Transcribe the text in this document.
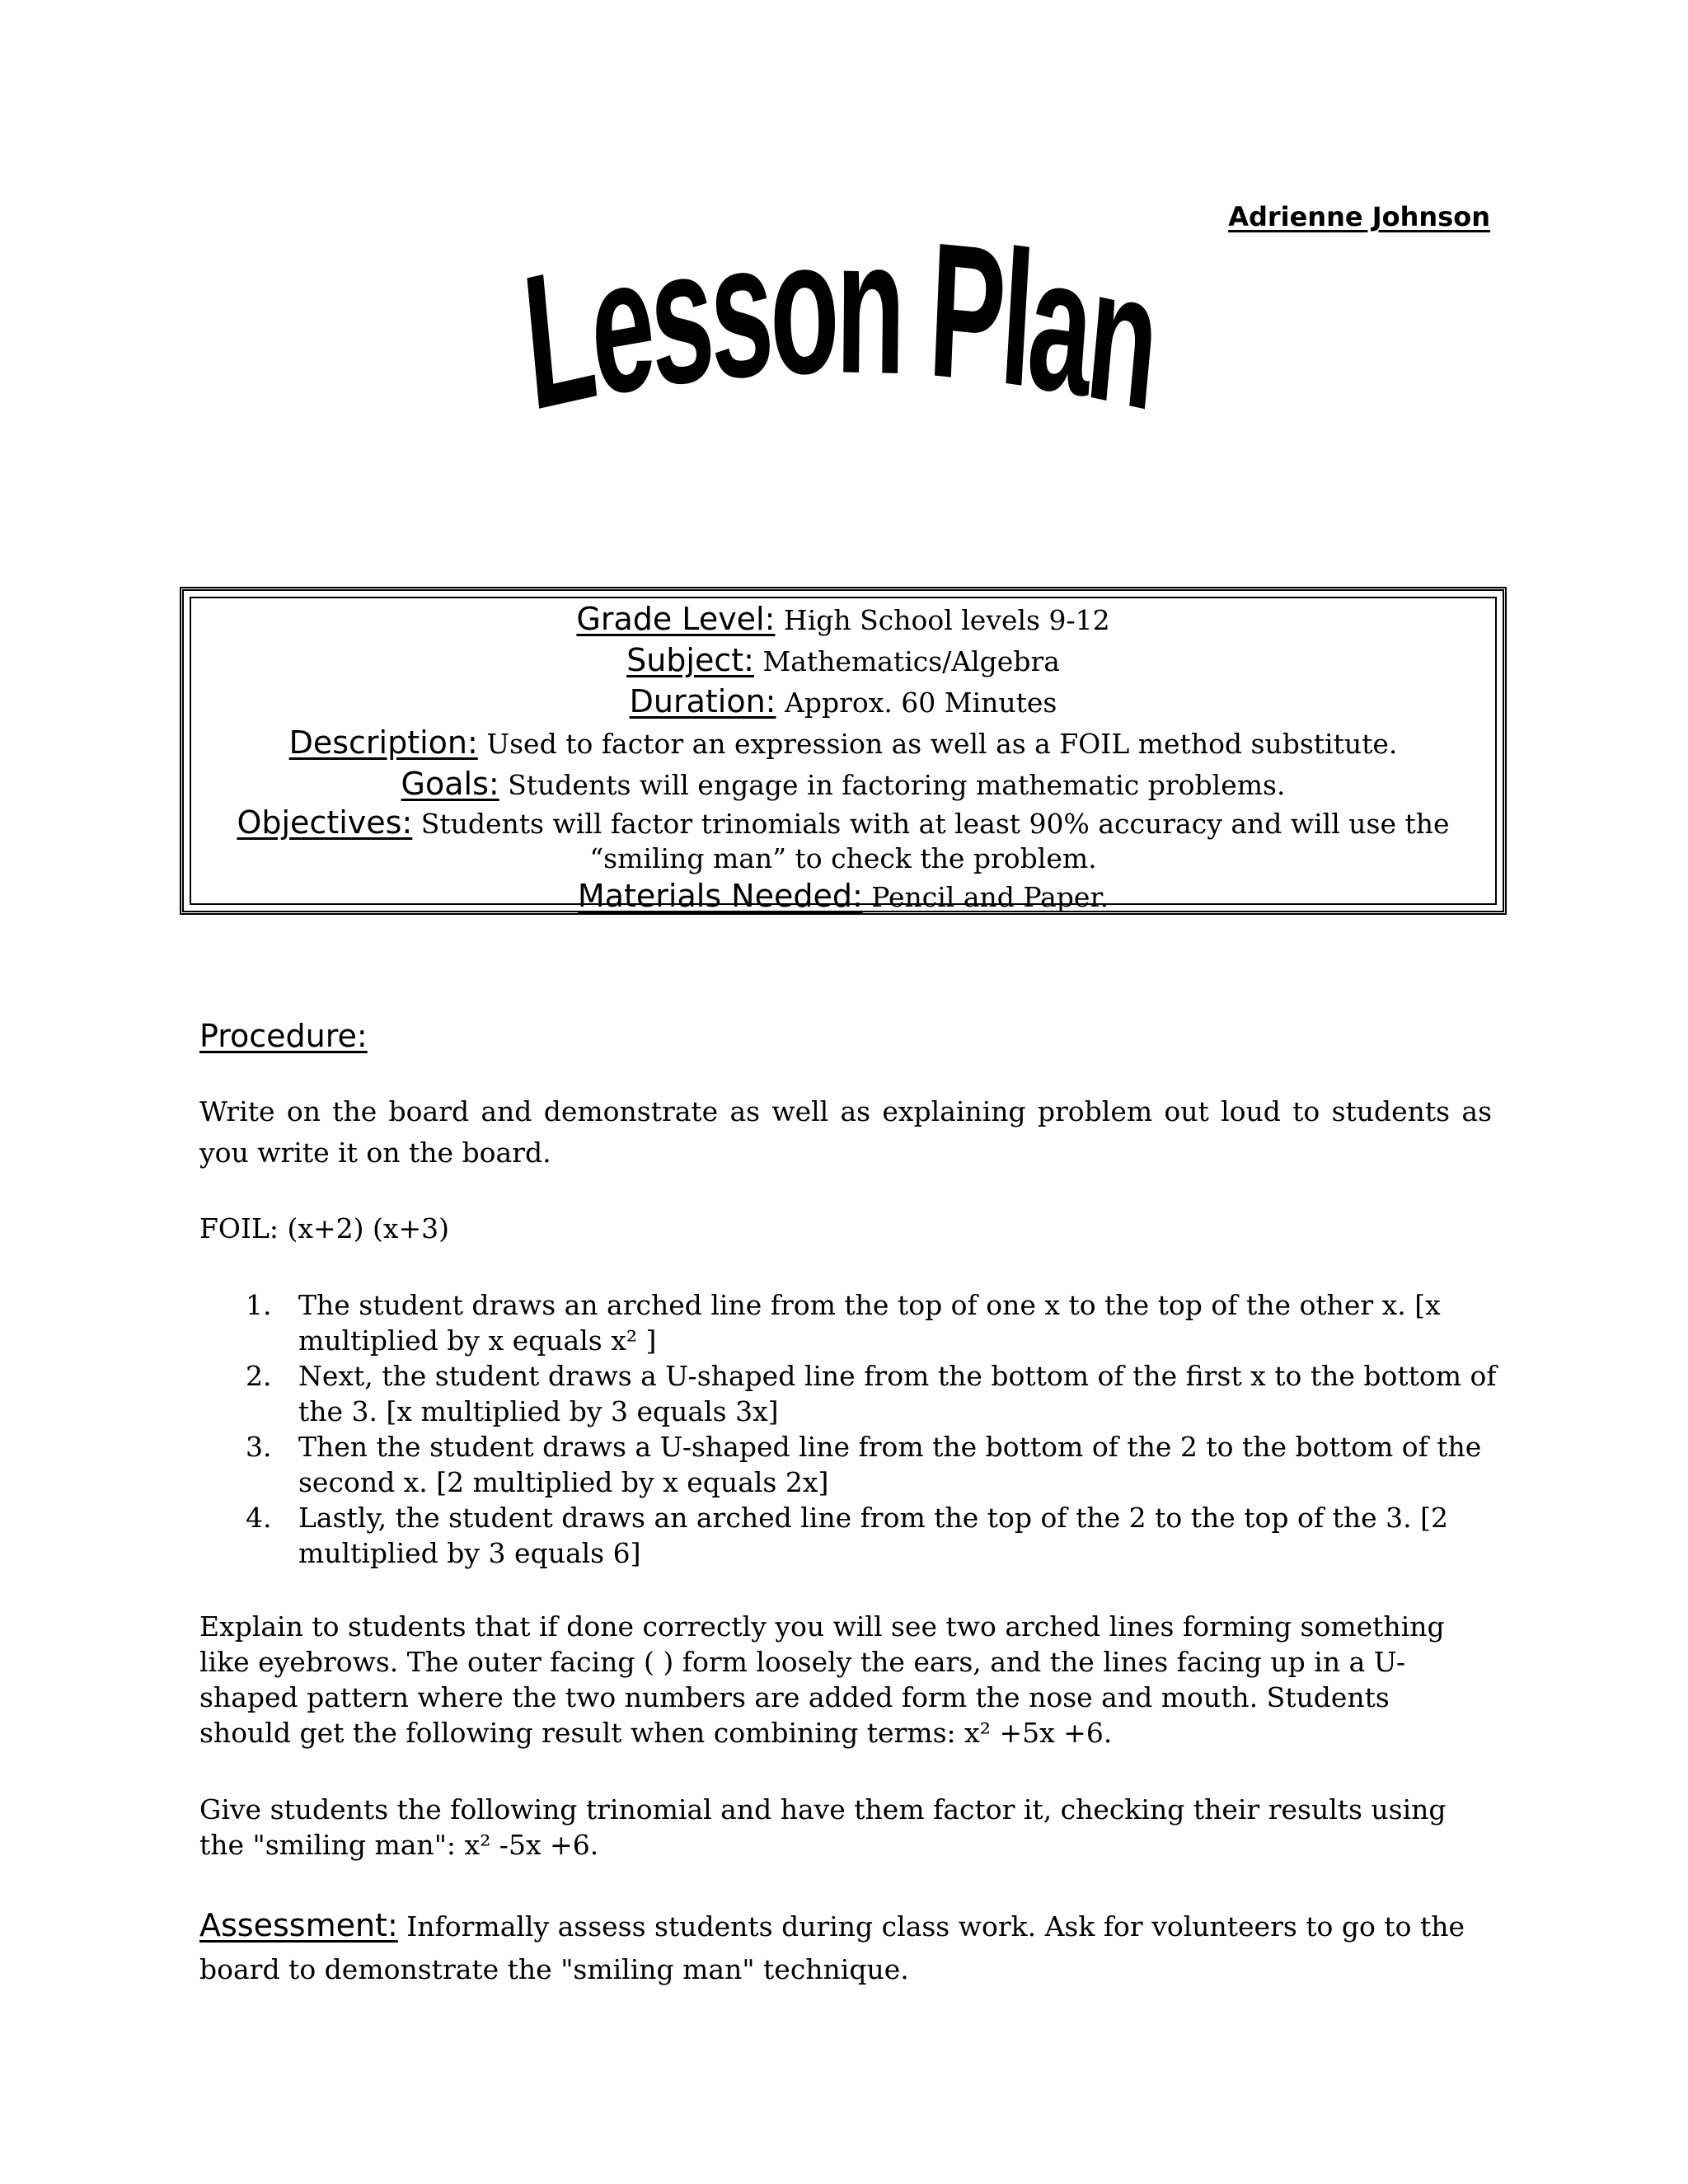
Adrienne Johnson
Lesson Plan
Grade Level: High School levels 9-12
Subject: Mathematics/Algebra
Duration: Approx. 60 Minutes
Description: Used to factor an expression as well as a FOIL method substitute.
Goals: Students will engage in factoring mathematic problems.
Objectives: Students will factor trinomials with at least 90% accuracy and will use the “smiling man” to check the problem.
Materials Needed: Pencil and Paper.
Procedure:
Write on the board and demonstrate as well as explaining problem out loud to students as you write it on the board.
FOIL: (x+2) (x+3)
1. The student draws an arched line from the top of one x to the top of the other x. [x multiplied by x equals x² ]
2. Next, the student draws a U-shaped line from the bottom of the first x to the bottom of the 3. [x multiplied by 3 equals 3x]
3. Then the student draws a U-shaped line from the bottom of the 2 to the bottom of the second x. [2 multiplied by x equals 2x]
4. Lastly, the student draws an arched line from the top of the 2 to the top of the 3. [2 multiplied by 3 equals 6]
Explain to students that if done correctly you will see two arched lines forming something like eyebrows. The outer facing ( ) form loosely the ears, and the lines facing up in a U-shaped pattern where the two numbers are added form the nose and mouth. Students should get the following result when combining terms: x² +5x +6.
Give students the following trinomial and have them factor it, checking their results using the "smiling man": x² -5x +6.
Assessment: Informally assess students during class work. Ask for volunteers to go to the board to demonstrate the "smiling man" technique.
